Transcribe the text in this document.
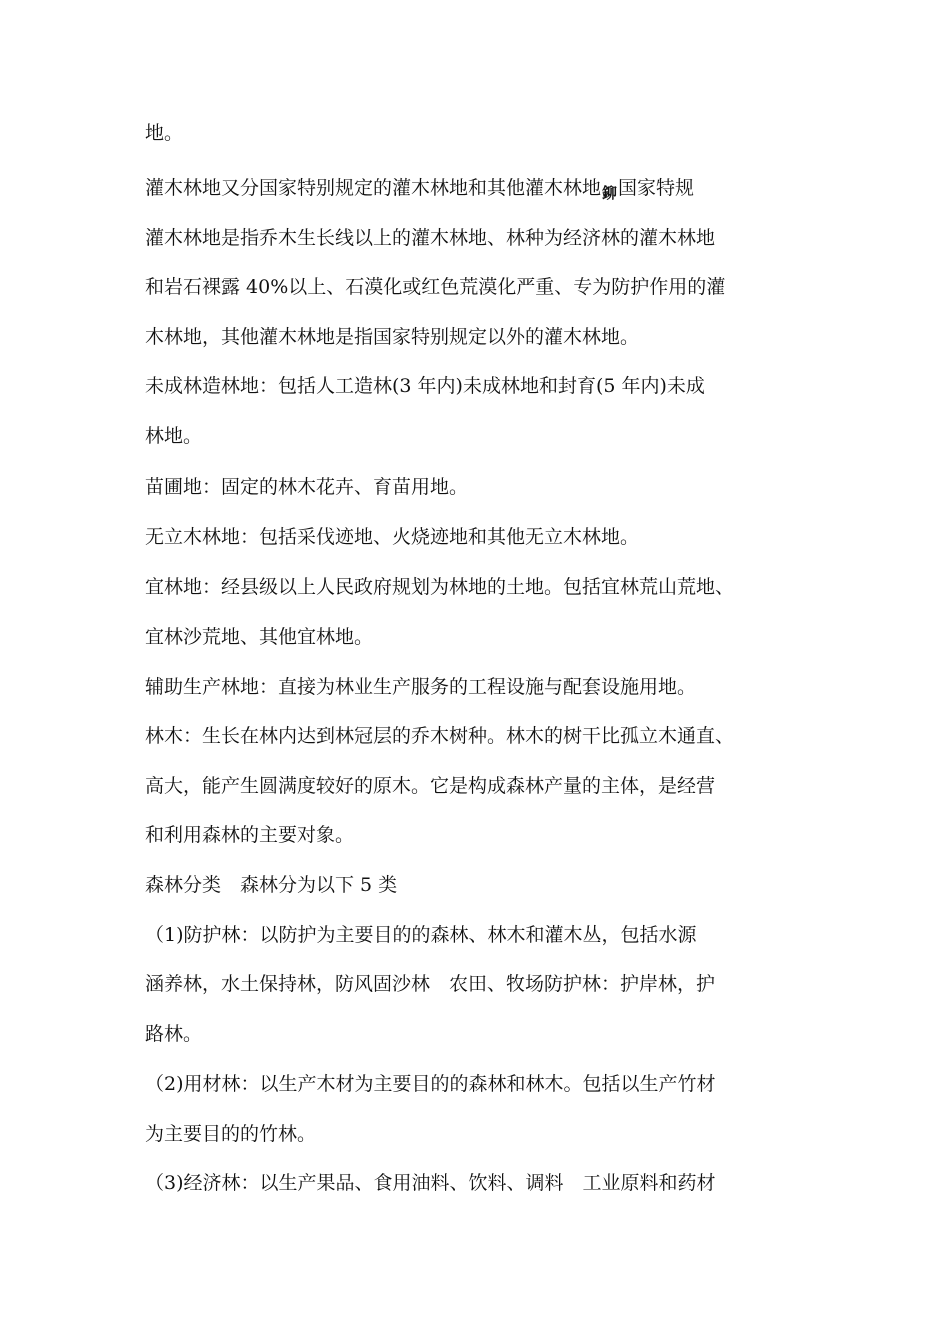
地。

灌木林地又分国家特别规定的灌木林地和其他灌木林地鉚国家特规

灌木林地是指乔木生长线以上的灌木林地、林种为经济林的灌木林地

和岩石裸露 40%以上、石漠化或红色荒漠化严重、专为防护作用的灌

木林地，其他灌木林地是指国家特别规定以外的灌木林地。

未成林造林地：包括人工造林(3 年内)未成林地和封育(5 年内)未成

林地。

苗圃地：固定的林木花卉、育苗用地。

无立木林地：包括采伐迹地、火烧迹地和其他无立木林地。

宜林地：经县级以上人民政府规划为林地的土地。包括宜林荒山荒地、

宜林沙荒地、其他宜林地。

辅助生产林地：直接为林业生产服务的工程设施与配套设施用地。

林木：生长在林内达到林冠层的乔木树种。林木的树干比孤立木通直、

高大，能产生圆满度较好的原木。它是构成森林产量的主体，是经营

和利用森林的主要对象。

森林分类　森林分为以下 5 类

（1)防护林：以防护为主要目的的森林、林木和灌木丛，包括水源

涵养林，水土保持林，防风固沙林　农田、牧场防护林：护岸林，护

路林。

（2)用材林：以生产木材为主要目的的森林和林木。包括以生产竹材

为主要目的的竹林。

（3)经济林：以生产果品、食用油料、饮料、调料　工业原料和药材
